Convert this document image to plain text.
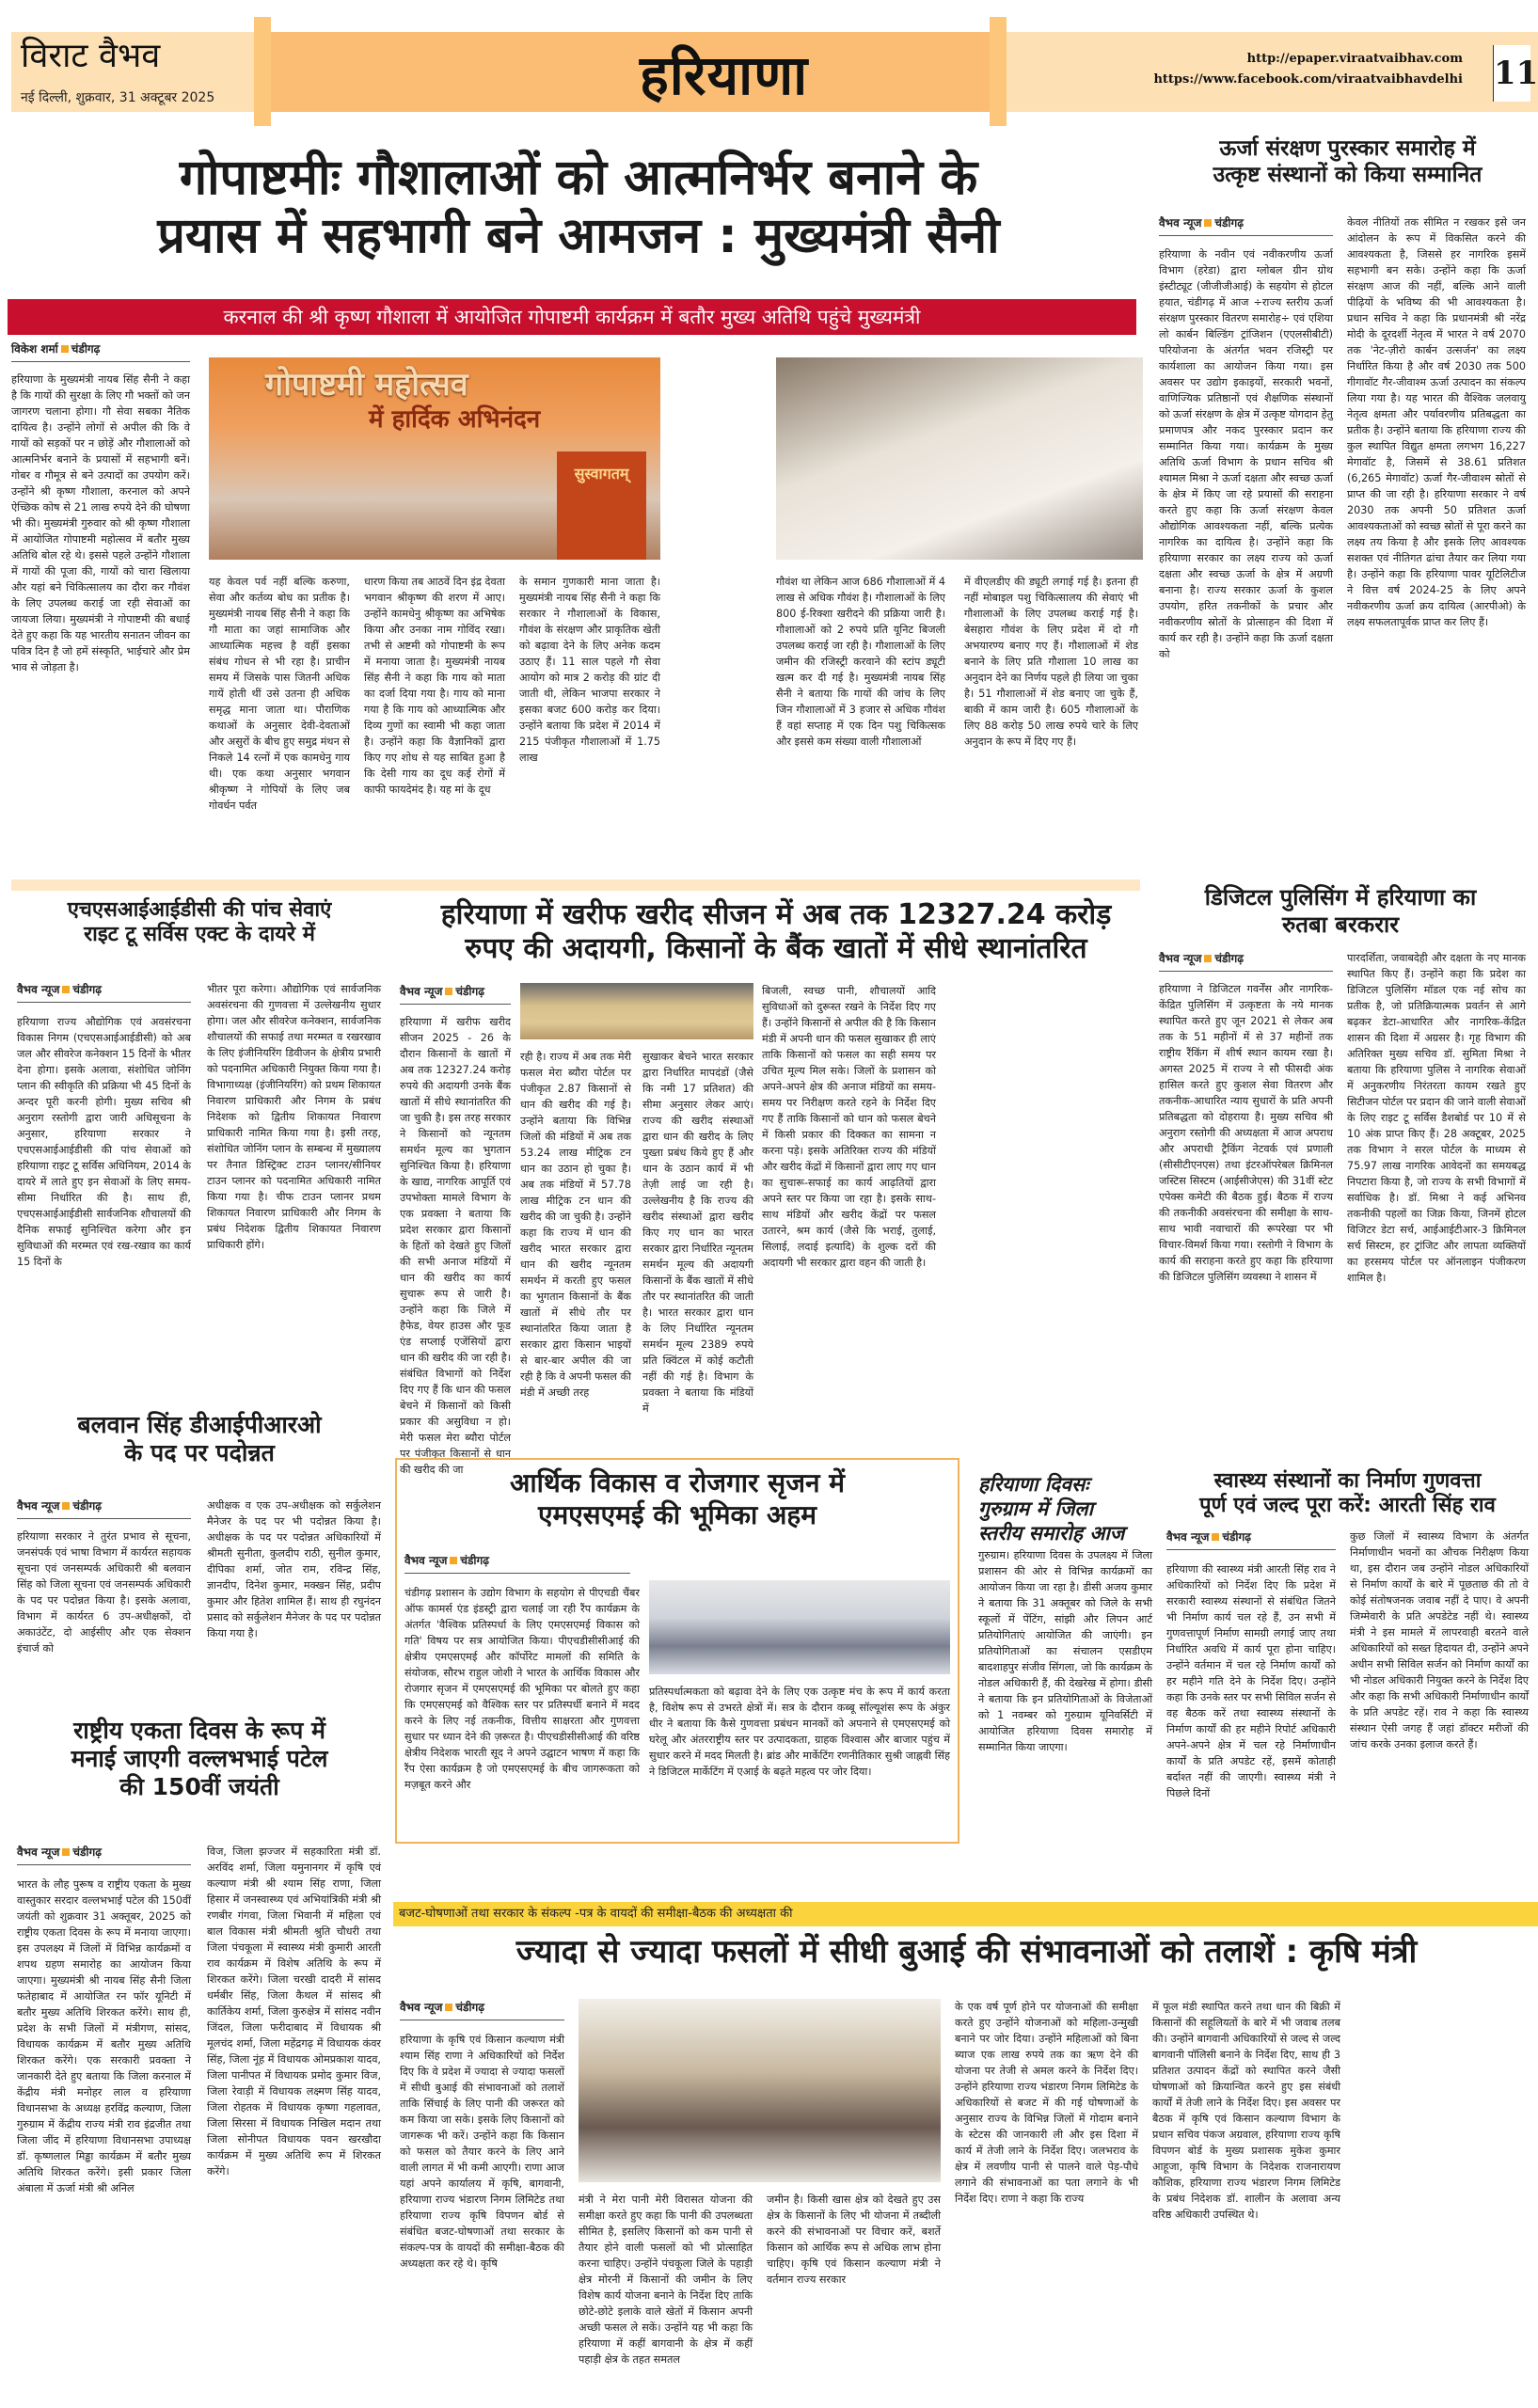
विराट वैभव
नई दिल्ली, शुक्रवार, 31 अक्टूबर 2025	हरियाणा	http://epaper.viraatvaibhav.com
https://www.facebook.com/viraatvaibhavdelhi 11
गोपाष्टमीः गौशालाओं को आत्मनिर्भर बनाने के
प्रयास में सहभागी बने आमजन : मुख्यमंत्री सैनी
करनाल की श्री कृष्ण गौशाला में आयोजित गोपाष्टमी कार्यक्रम में बतौर मुख्य अतिथि पहुंचे मुख्यमंत्री
विकेश शर्मा चंडीगढ़
हरियाणा के मुख्यमंत्री नायब सिंह सैनी ने कहा है कि गायों की सुरक्षा के लिए गौ भक्तों को जन जागरण चलाना होगा। गौ सेवा सबका नैतिक दायित्व है। उन्होंने लोगों से अपील की कि वे गायों को सड़कों पर न छोड़ें और गौशालाओं को आत्मनिर्भर बनाने के प्रयासों में सहभागी बनें। गोबर व गौमूत्र से बने उत्पादों का उपयोग करें। उन्होंने श्री कृष्ण गौशाला, करनाल को अपने ऐच्छिक कोष से 21 लाख रुपये देने की घोषणा भी की। मुख्यमंत्री गुरुवार को श्री कृष्ण गौशाला में आयोजित गोपाष्टमी महोत्सव में बतौर मुख्य अतिथि बोल रहे थे। इससे पहले उन्होंने गौशाला में गायों की पूजा की, गायों को चारा खिलाया और यहां बने चिकित्सालय का दौरा कर गौवंश के लिए उपलब्ध कराई जा रही सेवाओं का जायजा लिया। मुख्यमंत्री ने गोपाष्टमी की बधाई देते हुए कहा कि यह भारतीय सनातन जीवन का पवित्र दिन है जो हमें संस्कृति, भाईचारे और प्रेम भाव से जोड़ता है।
गोपाष्टमी महोत्सव
में हार्दिक अभिनंदन
सुस्वागतम्
यह केवल पर्व नहीं बल्कि करुणा, सेवा और कर्तव्य बोध का प्रतीक है। मुख्यमंत्री नायब सिंह सैनी ने कहा कि गौ माता का जहां सामाजिक और आध्यात्मिक महत्त्व है वहीं इसका संबंध गोधन से भी रहा है। प्राचीन समय में जिसके पास जितनी अधिक गायें होती थीं उसे उतना ही अधिक समृद्ध माना जाता था। पौराणिक कथाओं के अनुसार देवी-देवताओं और असुरों के बीच हुए समुद्र मंथन से निकले 14 रत्नों में एक कामधेनु गाय थी। एक कथा अनुसार भगवान श्रीकृष्ण ने गोपियों के लिए जब गोवर्धन पर्वत
धारण किया तब आठवें दिन इंद्र देवता भगवान श्रीकृष्ण की शरण में आए। उन्होंने कामधेनु श्रीकृष्ण का अभिषेक किया और उनका नाम गोविंद रखा। तभी से अष्टमी को गोपाष्टमी के रूप में मनाया जाता है। मुख्यमंत्री नायब सिंह सैनी ने कहा कि गाय को माता का दर्जा दिया गया है। गाय को माना गया है कि गाय को आध्यात्मिक और दिव्य गुणों का स्वामी भी कहा जाता है। उन्होंने कहा कि वैज्ञानिकों द्वारा किए गए शोध से यह साबित हुआ है कि देसी गाय का दूध कई रोगों में काफी फायदेमंद है। यह मां के दूध
के समान गुणकारी माना जाता है। मुख्यमंत्री नायब सिंह सैनी ने कहा कि सरकार ने गौशालाओं के विकास, गौवंश के संरक्षण और प्राकृतिक खेती को बढ़ावा देने के लिए अनेक कदम उठाए हैं। 11 साल पहले गौ सेवा आयोग को मात्र 2 करोड़ की ग्रांट दी जाती थी, लेकिन भाजपा सरकार ने इसका बजट 600 करोड़ कर दिया। उन्होंने बताया कि प्रदेश में 2014 में 215 पंजीकृत गौशालाओं में 1.75 लाख
गौवंश था लेकिन आज 686 गौशालाओं में 4 लाख से अधिक गौवंश है। गौशालाओं के लिए 800 ई-रिक्शा खरीदने की प्रक्रिया जारी है। गौशालाओं को 2 रुपये प्रति यूनिट बिजली उपलब्ध कराई जा रही है। गौशालाओं के लिए जमीन की रजिस्ट्री करवाने की स्टांप ड्यूटी खत्म कर दी गई है। मुख्यमंत्री नायब सिंह सैनी ने बताया कि गायों की जांच के लिए जिन गौशालाओं में 3 हजार से अधिक गौवंश हैं वहां सप्ताह में एक दिन पशु चिकित्सक और इससे कम संख्या वाली गौशालाओं
में वीएलडीए की ड्यूटी लगाई गई है। इतना ही नहीं मोबाइल पशु चिकित्सालय की सेवाएं भी गौशालाओं के लिए उपलब्ध कराई गई है। बेसहारा गौवंश के लिए प्रदेश में दो गौ अभयारण्य बनाए गए हैं। गौशालाओं में शेड बनाने के लिए प्रति गौशाला 10 लाख का अनुदान देने का निर्णय पहले ही लिया जा चुका है। 51 गौशालाओं में शेड बनाए जा चुके हैं, बाकी में काम जारी है। 605 गौशालाओं के लिए 88 करोड़ 50 लाख रुपये चारे के लिए अनुदान के रूप में दिए गए हैं।
ऊर्जा संरक्षण पुरस्कार समारोह में
उत्कृष्ट संस्थानों को किया सम्मानित
वैभव न्यूज चंडीगढ़
हरियाणा के नवीन एवं नवीकरणीय ऊर्जा विभाग (हरेडा) द्वारा ग्लोबल ग्रीन ग्रोथ इंस्टीट्यूट (जीजीजीआई) के सहयोग से होटल हयात, चंडीगढ़ में आज ÷राज्य स्तरीय ऊर्जा संरक्षण पुरस्कार वितरण समारोह÷ एवं एशिया लो कार्बन बिल्डिंग ट्रांजिशन (एएलसीबीटी) परियोजना के अंतर्गत भवन रजिस्ट्री पर कार्यशाला का आयोजन किया गया। इस अवसर पर उद्योग इकाइयों, सरकारी भवनों, वाणिज्यिक प्रतिष्ठानों एवं शैक्षणिक संस्थानों को ऊर्जा संरक्षण के क्षेत्र में उत्कृष्ट योगदान हेतु प्रमाणपत्र और नकद पुरस्कार प्रदान कर सम्मानित किया गया। कार्यक्रम के मुख्य अतिथि ऊर्जा विभाग के प्रधान सचिव श्री श्यामल मिश्रा ने ऊर्जा दक्षता और स्वच्छ ऊर्जा के क्षेत्र में किए जा रहे प्रयासों की सराहना करते हुए कहा कि ऊर्जा संरक्षण केवल औद्योगिक आवश्यकता नहीं, बल्कि प्रत्येक नागरिक का दायित्व है। उन्होंने कहा कि हरियाणा सरकार का लक्ष्य राज्य को ऊर्जा दक्षता और स्वच्छ ऊर्जा के क्षेत्र में अग्रणी बनाना है। राज्य सरकार ऊर्जा के कुशल उपयोग, हरित तकनीकों के प्रचार और नवीकरणीय स्रोतों के प्रोत्साहन की दिशा में कार्य कर रही है। उन्होंने कहा कि ऊर्जा दक्षता को
केवल नीतियों तक सीमित न रखकर इसे जन आंदोलन के रूप में विकसित करने की आवश्यकता है, जिससे हर नागरिक इसमें सहभागी बन सके। उन्होंने कहा कि ऊर्जा संरक्षण आज की नहीं, बल्कि आने वाली पीढ़ियों के भविष्य की भी आवश्यकता है। प्रधान सचिव ने कहा कि प्रधानमंत्री श्री नरेंद्र मोदी के दूरदर्शी नेतृत्व में भारत ने वर्ष 2070 तक 'नेट-ज़ीरो कार्बन उत्सर्जन' का लक्ष्य निर्धारित किया है और वर्ष 2030 तक 500 गीगावॉट गैर-जीवाश्म ऊर्जा उत्पादन का संकल्प लिया गया है। यह भारत की वैश्विक जलवायु नेतृत्व क्षमता और पर्यावरणीय प्रतिबद्धता का प्रतीक है। उन्होंने बताया कि हरियाणा राज्य की कुल स्थापित विद्युत क्षमता लगभग 16,227 मेगावॉट है, जिसमें से 38.61 प्रतिशत (6,265 मेगावॉट) ऊर्जा गैर-जीवाश्म स्रोतों से प्राप्त की जा रही है। हरियाणा सरकार ने वर्ष 2030 तक अपनी 50 प्रतिशत ऊर्जा आवश्यकताओं को स्वच्छ स्रोतों से पूरा करने का लक्ष्य तय किया है और इसके लिए आवश्यक सशक्त एवं नीतिगत ढांचा तैयार कर लिया गया है। उन्होंने कहा कि हरियाणा पावर यूटिलिटीज ने वित्त वर्ष 2024-25 के लिए अपने नवीकरणीय ऊर्जा क्रय दायित्व (आरपीओ) के लक्ष्य सफलतापूर्वक प्राप्त कर लिए हैं।
एचएसआईआईडीसी की पांच सेवाएं
राइट टू सर्विस एक्ट के दायरे में
वैभव न्यूज चंडीगढ़
हरियाणा राज्य औद्योगिक एवं अवसंरचना विकास निगम (एचएसआईआईडीसी) को अब जल और सीवरेज कनेक्शन 15 दिनों के भीतर देना होगा। इसके अलावा, संशोधित जोनिंग प्लान की स्वीकृति की प्रक्रिया भी 45 दिनों के अन्दर पूरी करनी होगी। मुख्य सचिव श्री अनुराग रस्तोगी द्वारा जारी अधिसूचना के अनुसार, हरियाणा सरकार ने एचएसआईआईडीसी की पांच सेवाओं को हरियाणा राइट टू सर्विस अधिनियम, 2014 के दायरे में लाते हुए इन सेवाओं के लिए समय-सीमा निर्धारित की है। साथ ही, एचएसआईआईडीसी सार्वजनिक शौचालयों की दैनिक सफाई सुनिश्चित करेगा और इन सुविधाओं की मरम्मत एवं रख-रखाव का कार्य 15 दिनों के
भीतर पूरा करेगा। औद्योगिक एवं सार्वजनिक अवसंरचना की गुणवत्ता में उल्लेखनीय सुधार होगा। जल और सीवरेज कनेक्शन, सार्वजनिक शौचालयों की सफाई तथा मरम्मत व रखरखाव के लिए इंजीनियरिंग डिवीजन के क्षेत्रीय प्रभारी को पदनामित अधिकारी नियुक्त किया गया है। विभागाध्यक्ष (इंजीनियरिंग) को प्रथम शिकायत निवारण प्राधिकारी और निगम के प्रबंध निदेशक को द्वितीय शिकायत निवारण प्राधिकारी नामित किया गया है। इसी तरह, संशोधित जोनिंग प्लान के सम्बन्ध में मुख्यालय पर तैनात डिस्ट्रिक्ट टाउन प्लानर/सीनियर टाउन प्लानर को पदनामित अधिकारी नामित किया गया है। चीफ टाउन प्लानर प्रथम शिकायत निवारण प्राधिकारी और निगम के प्रबंध निदेशक द्वितीय शिकायत निवारण प्राधिकारी होंगे।
बलवान सिंह डीआईपीआरओ
के पद पर पदोन्नत
वैभव न्यूज चंडीगढ़
हरियाणा सरकार ने तुरंत प्रभाव से सूचना, जनसंपर्क एवं भाषा विभाग में कार्यरत सहायक सूचना एवं जनसम्पर्क अधिकारी श्री बलवान सिंह को जिला सूचना एवं जनसम्पर्क अधिकारी के पद पर पदोन्नत किया है। इसके अलावा, विभाग में कार्यरत 6 उप-अधीक्षकों, दो अकाउंटेंट, दो आईसीए और एक सेक्शन इंचार्ज को
अधीक्षक व एक उप-अधीक्षक को सर्कुलेशन मैनेजर के पद पर भी पदोन्नत किया है। अधीक्षक के पद पर पदोन्नत अधिकारियों में श्रीमती सुनीता, कुलदीप राठी, सुनील कुमार, दीपिका शर्मा, जोत राम, रविन्द्र सिंह, ज्ञानदीप, दिनेश कुमार, मक्खन सिंह, प्रदीप कुमार और हितेश शामिल हैं। साथ ही रघुनंदन प्रसाद को सर्कुलेशन मैनेजर के पद पर पदोन्नत किया गया है।
राष्ट्रीय एकता दिवस के रूप में
मनाई जाएगी वल्लभभाई पटेल
की 150वीं जयंती
वैभव न्यूज चंडीगढ़
भारत के लौह पुरूष व राष्ट्रीय एकता के मुख्य वास्तुकार सरदार वल्लभभाई पटेल की 150वीं जयंती को शुक्रवार 31 अक्तूबर, 2025 को राष्ट्रीय एकता दिवस के रूप में मनाया जाएगा। इस उपलक्ष्य में जिलों में विभिन्न कार्यक्रमों व शपथ ग्रहण समारोह का आयोजन किया जाएगा। मुख्यमंत्री श्री नायब सिंह सैनी जिला फतेहाबाद में आयोजित रन फॉर यूनिटी में बतौर मुख्य अतिथि शिरकत करेंगे। साथ ही, प्रदेश के सभी जिलों में मंत्रीगण, सांसद, विधायक कार्यक्रम में बतौर मुख्य अतिथि शिरकत करेंगे। एक सरकारी प्रवक्ता ने जानकारी देते हुए बताया कि जिला करनाल में केंद्रीय मंत्री मनोहर लाल व हरियाणा विधानसभा के अध्यक्ष हरविंद्र कल्याण, जिला गुरुग्राम में केंद्रीय राज्य मंत्री राव इंद्रजीत तथा जिला जींद में हरियाणा विधानसभा उपाध्यक्ष डॉ. कृष्णलाल मिड्ढा कार्यक्रम में बतौर मुख्य अतिथि शिरकत करेंगे। इसी प्रकार जिला अंबाला में ऊर्जा मंत्री श्री अनिल
विज, जिला झज्जर में सहकारिता मंत्री डॉ. अरविंद शर्मा, जिला यमुनानगर में कृषि एवं कल्याण मंत्री श्री श्याम सिंह राणा, जिला हिसार में जनस्वास्थ्य एवं अभियांत्रिकी मंत्री श्री रणबीर गंगवा, जिला भिवानी में महिला एवं बाल विकास मंत्री श्रीमती श्रुति चौधरी तथा जिला पंचकूला में स्वास्थ्य मंत्री कुमारी आरती राव कार्यक्रम में विशेष अतिथि के रूप में शिरकत करेंगे। जिला चरखी दादरी में सांसद धर्मबीर सिंह, जिला कैथल में सांसद श्री कार्तिकेय शर्मा, जिला कुरुक्षेत्र में सांसद नवीन जिंदल, जिला फरीदाबाद में विधायक श्री मूलचंद शर्मा, जिला महेंद्रगढ़ में विधायक कंवर सिंह, जिला नूंह में विधायक ओमप्रकाश यादव, जिला पानीपत में विधायक प्रमोद कुमार विज, जिला रेवाड़ी में विधायक लक्ष्मण सिंह यादव, जिला रोहतक में विधायक कृष्णा गहलावत, जिला सिरसा में विधायक निखिल मदान तथा जिला सोनीपत विधायक पवन खरखौदा कार्यक्रम में मुख्य अतिथि रूप में शिरकत करेंगे।
हरियाणा में खरीफ खरीद सीजन में अब तक 12327.24 करोड़
रुपए की अदायगी, किसानों के बैंक खातों में सीधे स्थानांतरित
वैभव न्यूज चंडीगढ़
हरियाणा में खरीफ खरीद सीजन 2025 - 26 के दौरान किसानों के खातों में अब तक 12327.24 करोड़ रुपये की अदायगी उनके बैंक खातों में सीधे स्थानांतरित की जा चुकी है। इस तरह सरकार ने किसानों को न्यूनतम समर्थन मूल्य का भुगतान सुनिश्चित किया है। हरियाणा के खाद्य, नागरिक आपूर्ति एवं उपभोक्ता मामले विभाग के एक प्रवक्ता ने बताया कि प्रदेश सरकार द्वारा किसानों के हितों को देखते हुए जिलों की सभी अनाज मंडियों में धान की खरीद का कार्य सुचारू रूप से जारी है। उन्होंने कहा कि जिले में हैफेड, वेयर हाउस और फूड एंड सप्लाई एजेंसियों द्वारा धान की खरीद की जा रही है। संबंधित विभागों को निर्देश दिए गए हैं कि धान की फसल बेचने में किसानों को किसी प्रकार की असुविधा न हो। मेरी फसल मेरा ब्यौरा पोर्टल पर पंजीकृत किसानों से धान की खरीद की जा
रही है। राज्य में अब तक मेरी फसल मेरा ब्यौरा पोर्टल पर पंजीकृत 2.87 किसानों से धान की खरीद की गई है। उन्होंने बताया कि विभिन्न जिलों की मंडियों में अब तक 53.24 लाख मीट्रिक टन धान का उठान हो चुका है। अब तक मंडियों में 57.78 लाख मीट्रिक टन धान की खरीद की जा चुकी है। उन्होंने कहा कि राज्य में धान की खरीद भारत सरकार द्वारा धान की खरीद न्यूनतम समर्थन में करती हुए फसल का भुगतान किसानों के बैंक खातों में सीधे तौर पर स्थानांतरित किया जाता है सरकार द्वारा किसान भाइयों से बार-बार अपील की जा रही है कि वे अपनी फसल की मंडी में अच्छी तरह
सुखाकर बेचने भारत सरकार द्वारा निर्धारित मापदंडों (जैसे कि नमी 17 प्रतिशत) की सीमा अनुसार लेकर आएं। राज्य की खरीद संस्थाओं द्वारा धान की खरीद के लिए पुख्ता प्रबंध किये हुए हैं और धान के उठान कार्य में भी तेज़ी लाई जा रही है। उल्लेखनीय है कि राज्य की खरीद संस्थाओं द्वारा खरीद किए गए धान का भारत सरकार द्वारा निर्धारित न्यूनतम समर्थन मूल्य की अदायगी किसानों के बैंक खातों में सीधे तौर पर स्थानांतरित की जाती है। भारत सरकार द्वारा धान के लिए निर्धारित न्यूनतम समर्थन मूल्य 2389 रुपये प्रति क्विंटल में कोई कटौती नहीं की गई है। विभाग के प्रवक्ता ने बताया कि मंडियों में
बिजली, स्वच्छ पानी, शौचालयों आदि सुविधाओं को दुरूस्त रखने के निर्देश दिए गए हैं। उन्होंने किसानों से अपील की है कि किसान मंडी में अपनी धान की फसल सुखाकर ही लाएं ताकि किसानों को फसल का सही समय पर उचित मूल्य मिल सके। जिलों के प्रशासन को अपने-अपने क्षेत्र की अनाज मंडियों का समय-समय पर निरीक्षण करते रहने के निर्देश दिए गए हैं ताकि किसानों को धान को फसल बेचने में किसी प्रकार की दिक्कत का सामना न करना पड़े। इसके अतिरिक्त राज्य की मंडियों और खरीद केंद्रों में किसानों द्वारा लाए गए धान का सुचारू-सफाई का कार्य आढ़तियों द्वारा अपने स्तर पर किया जा रहा है। इसके साथ-साथ मंडियों और खरीद केंद्रों पर फसल उतारने, श्रम कार्य (जैसे कि भराई, तुलाई, सिलाई, लदाई इत्यादि) के शुल्क दरों की अदायगी भी सरकार द्वारा वहन की जाती है।
डिजिटल पुलिसिंग में हरियाणा का
रुतबा बरकरार
वैभव न्यूज चंडीगढ़
हरियाणा ने डिजिटल गवर्नेंस और नागरिक-केंद्रित पुलिसिंग में उत्कृष्टता के नये मानक स्थापित करते हुए जून 2021 से लेकर अब तक के 51 महीनों में से 37 महीनों तक राष्ट्रीय रैंकिंग में शीर्ष स्थान कायम रखा है। अगस्त 2025 में राज्य ने सौ फीसदी अंक हासिल करते हुए कुशल सेवा वितरण और तकनीक-आधारित न्याय सुधारों के प्रति अपनी प्रतिबद्धता को दोहराया है। मुख्य सचिव श्री अनुराग रस्तोगी की अध्यक्षता में आज अपराध और अपराधी ट्रैकिंग नेटवर्क एवं प्रणाली (सीसीटीएनएस) तथा इंटरऑपरेबल क्रिमिनल जस्टिस सिस्टम (आईसीजेएस) की 31वीं स्टेट एपेक्स कमेटी की बैठक हुई। बैठक में राज्य की तकनीकी अवसंरचना की समीक्षा के साथ-साथ भावी नवाचारों की रूपरेखा पर भी विचार-विमर्श किया गया। रस्तोगी ने विभाग के कार्य की सराहना करते हुए कहा कि हरियाणा की डिजिटल पुलिसिंग व्यवस्था ने शासन में
पारदर्शिता, जवाबदेही और दक्षता के नए मानक स्थापित किए हैं। उन्होंने कहा कि प्रदेश का डिजिटल पुलिसिंग मॉडल एक नई सोच का प्रतीक है, जो प्रतिक्रियात्मक प्रवर्तन से आगे बढ़कर डेटा-आधारित और नागरिक-केंद्रित शासन की दिशा में अग्रसर है। गृह विभाग की अतिरिक्त मुख्य सचिव डॉ. सुमिता मिश्रा ने बताया कि हरियाणा पुलिस ने नागरिक सेवाओं में अनुकरणीय निरंतरता कायम रखते हुए सिटीजन पोर्टल पर प्रदान की जाने वाली सेवाओं के लिए राइट टू सर्विस डैशबोर्ड पर 10 में से 10 अंक प्राप्त किए हैं। 28 अक्टूबर, 2025 तक विभाग ने सरल पोर्टल के माध्यम से 75.97 लाख नागरिक आवेदनों का समयबद्ध निपटारा किया है, जो राज्य के सभी विभागों में सर्वाधिक है। डॉ. मिश्रा ने कई अभिनव तकनीकी पहलों का जिक्र किया, जिनमें होटल विजिटर डेटा सर्च, आईआईटीआर-3 क्रिमिनल सर्च सिस्टम, हर ट्रांजिट और लापता व्यक्तियों का हरसमय पोर्टल पर ऑनलाइन पंजीकरण शामिल है।
आर्थिक विकास व रोजगार सृजन में
एमएसएमई की भूमिका अहम
वैभव न्यूज चंडीगढ़
चंडीगढ़ प्रशासन के उद्योग विभाग के सहयोग से पीएचडी चैंबर ऑफ कामर्स एंड इंडस्ट्री द्वारा चलाई जा रही रैंप कार्यक्रम के अंतर्गत 'वैश्विक प्रतिस्पर्धा के लिए एमएसएमई विकास को गति' विषय पर सत्र आयोजित किया। पीएचडीसीसीआई की क्षेत्रीय एमएसएमई और कॉर्पोरेट मामलों की समिति के संयोजक, सौरभ राहुल जोशी ने भारत के आर्थिक विकास और रोजगार सृजन में एमएसएमई की भूमिका पर बोलते हुए कहा कि एमएसएमई को वैश्विक स्तर पर प्रतिस्पर्धी बनाने में मदद करने के लिए नई तकनीक, वित्तीय साक्षरता और गुणवत्ता सुधार पर ध्यान देने की ज़रूरत है। पीएचडीसीसीआई की वरिष्ठ क्षेत्रीय निदेशक भारती सूद ने अपने उद्घाटन भाषण में कहा कि रैंप ऐसा कार्यक्रम है जो एमएसएमई के बीच जागरूकता को मज़बूत करने और
प्रतिस्पर्धात्मकता को बढ़ावा देने के लिए एक उत्कृष्ट मंच के रूप में कार्य करता है, विशेष रूप से उभरते क्षेत्रों में। सत्र के दौरान कब्बू सॉल्यूशंस रूप के अंकुर धीर ने बताया कि कैसे गुणवत्ता प्रबंधन मानकों को अपनाने से एमएसएमई को घरेलू और अंतरराष्ट्रीय स्तर पर उत्पादकता, ग्राहक विश्वास और बाजार पहुंच में सुधार करने में मदद मिलती है। ब्रांड और मार्केटिंग रणनीतिकार सुश्री जाह्नवी सिंह ने डिजिटल मार्केटिंग में एआई के बढ़ते महत्व पर जोर दिया।
हरियाणा दिवसः
गुरुग्राम में जिला
स्तरीय समारोह आज
गुरुग्राम। हरियाणा दिवस के उपलक्ष्य में जिला प्रशासन की ओर से विभिन्न कार्यक्रमों का आयोजन किया जा रहा है। डीसी अजय कुमार ने बताया कि 31 अक्तूबर को जिले के सभी स्कूलों में पेंटिंग, सांझी और लिपन आर्ट प्रतियोगिताएं आयोजित की जाएंगी। इन प्रतियोगिताओं का संचालन एसडीएम बादशाहपुर संजीव सिंगला, जो कि कार्यक्रम के नोडल अधिकारी हैं, की देखरेख में होगा। डीसी ने बताया कि इन प्रतियोगिताओं के विजेताओं को 1 नवम्बर को गुरुग्राम यूनिवर्सिटी में आयोजित हरियाणा दिवस समारोह में सम्मानित किया जाएगा।
स्वास्थ्य संस्थानों का निर्माण गुणवत्ता
पूर्ण एवं जल्द पूरा करें: आरती सिंह राव
वैभव न्यूज चंडीगढ़
हरियाणा की स्वास्थ्य मंत्री आरती सिंह राव ने अधिकारियों को निर्देश दिए कि प्रदेश में सरकारी स्वास्थ्य संस्थानों से संबंधित जितने भी निर्माण कार्य चल रहे हैं, उन सभी में गुणवत्तापूर्ण निर्माण सामग्री लगाई जाए तथा निर्धारित अवधि में कार्य पूरा होना चाहिए। उन्होंने वर्तमान में चल रहे निर्माण कार्यों को हर महीने गति देने के निर्देश दिए। उन्होंने कहा कि उनके स्तर पर सभी सिविल सर्जन से वह बैठक करें तथा स्वास्थ्य संस्थानों के निर्माण कार्यों की हर महीने रिपोर्ट अधिकारी अपने-अपने क्षेत्र में चल रहे निर्माणाधीन कार्यों के प्रति अपडेट रहें, इसमें कोताही बर्दाश्त नहीं की जाएगी। स्वास्थ्य मंत्री ने पिछले दिनों
कुछ जिलों में स्वास्थ्य विभाग के अंतर्गत निर्माणाधीन भवनों का औचक निरीक्षण किया था, इस दौरान जब उन्होंने नोडल अधिकारियों से निर्माण कार्यों के बारे में पूछताछ की तो वे कोई संतोषजनक जवाब नहीं दे पाए। वे अपनी जिम्मेवारी के प्रति अपडेटेड नहीं थे। स्वास्थ्य मंत्री ने इस मामले में लापरवाही बरतने वाले अधिकारियों को सख्त हिदायत दी, उन्होंने अपने अधीन सभी सिविल सर्जन को निर्माण कार्यों का भी नोडल अधिकारी नियुक्त करने के निर्देश दिए और कहा कि सभी अधिकारी निर्माणाधीन कार्यों के प्रति अपडेट रहें। राव ने कहा कि स्वास्थ्य संस्थान ऐसी जगह हैं जहां डॉक्टर मरीजों की जांच करके उनका इलाज करते हैं।
बजट-घोषणाओं तथा सरकार के संकल्प -पत्र के वायदों की समीक्षा-बैठक की अध्यक्षता की
ज्यादा से ज्यादा फसलों में सीधी बुआई की संभावनाओं को तलाशें : कृषि मंत्री
वैभव न्यूज चंडीगढ़
हरियाणा के कृषि एवं किसान कल्याण मंत्री श्याम सिंह राणा ने अधिकारियों को निर्देश दिए कि वे प्रदेश में ज्यादा से ज्यादा फसलों में सीधी बुआई की संभावनाओं को तलाशें ताकि सिंचाई के लिए पानी की जरूरत को कम किया जा सके। इसके लिए किसानों को जागरूक भी करें। उन्होंने कहा कि किसान को फसल को तैयार करने के लिए आने वाली लागत में भी कमी आएगी। राणा आज यहां अपने कार्यालय में कृषि, बागवानी, हरियाणा राज्य भंडारण निगम लिमिटेड तथा हरियाणा राज्य कृषि विपणन बोर्ड से संबंधित बजट-घोषणाओं तथा सरकार के संकल्प-पत्र के वायदों की समीक्षा-बैठक की अध्यक्षता कर रहे थे। कृषि
मंत्री ने मेरा पानी मेरी विरासत योजना की समीक्षा करते हुए कहा कि पानी की उपलब्धता सीमित है, इसलिए किसानों को कम पानी से तैयार होने वाली फसलों को भी प्रोत्साहित करना चाहिए। उन्होंने पंचकूला जिले के पहाड़ी क्षेत्र मोरनी में किसानों की जमीन के लिए विशेष कार्य योजना बनाने के निर्देश दिए ताकि छोटे-छोटे इलाके वाले खेतों में किसान अपनी अच्छी फसल ले सकें। उन्होंने यह भी कहा कि हरियाणा में कहीं बागवानी के क्षेत्र में कहीं पहाड़ी क्षेत्र के तहत समतल
जमीन है। किसी खास क्षेत्र को देखते हुए उस क्षेत्र के किसानों के लिए भी योजना में तब्दीली करने की संभावनाओं पर विचार करें, बशर्ते किसान को आर्थिक रूप से अधिक लाभ होना चाहिए। कृषि एवं किसान कल्याण मंत्री ने वर्तमान राज्य सरकार
के एक वर्ष पूर्ण होने पर योजनाओं की समीक्षा करते हुए उन्होंने योजनाओं को महिला-उन्मुखी बनाने पर जोर दिया। उन्होंने महिलाओं को बिना ब्याज एक लाख रुपये तक का ऋण देने की योजना पर तेजी से अमल करने के निर्देश दिए। उन्होंने हरियाणा राज्य भंडारण निगम लिमिटेड के अधिकारियों से बजट में की गई घोषणाओं के अनुसार राज्य के विभिन्न जिलों में गोदाम बनाने के स्टेटस की जानकारी ली और इस दिशा में कार्य में तेजी लाने के निर्देश दिए। जलभराव के क्षेत्र में लवणीय पानी से पालने वाले पेड़-पौधे लगाने की संभावनाओं का पता लगाने के भी निर्देश दिए। राणा ने कहा कि राज्य
में फूल मंडी स्थापित करने तथा धान की बिक्री में किसानों की सहूलियतों के बारे में भी जवाब तलब की। उन्होंने बागवानी अधिकारियों से जल्द से जल्द बागवानी पॉलिसी बनाने के निर्देश दिए, साथ ही 3 प्रतिशत उत्पादन केंद्रों को स्थापित करने जैसी घोषणाओं को क्रियान्वित करने हुए इस संबंधी कार्यों में तेजी लाने के निर्देश दिए। इस अवसर पर बैठक में कृषि एवं किसान कल्याण विभाग के प्रधान सचिव पंकज अग्रवाल, हरियाणा राज्य कृषि विपणन बोर्ड के मुख्य प्रशासक मुकेश कुमार आहूजा, कृषि विभाग के निदेशक राजनारायण कौशिक, हरियाणा राज्य भंडारण निगम लिमिटेड के प्रबंध निदेशक डॉ. शालीन के अलावा अन्य वरिष्ठ अधिकारी उपस्थित थे।
